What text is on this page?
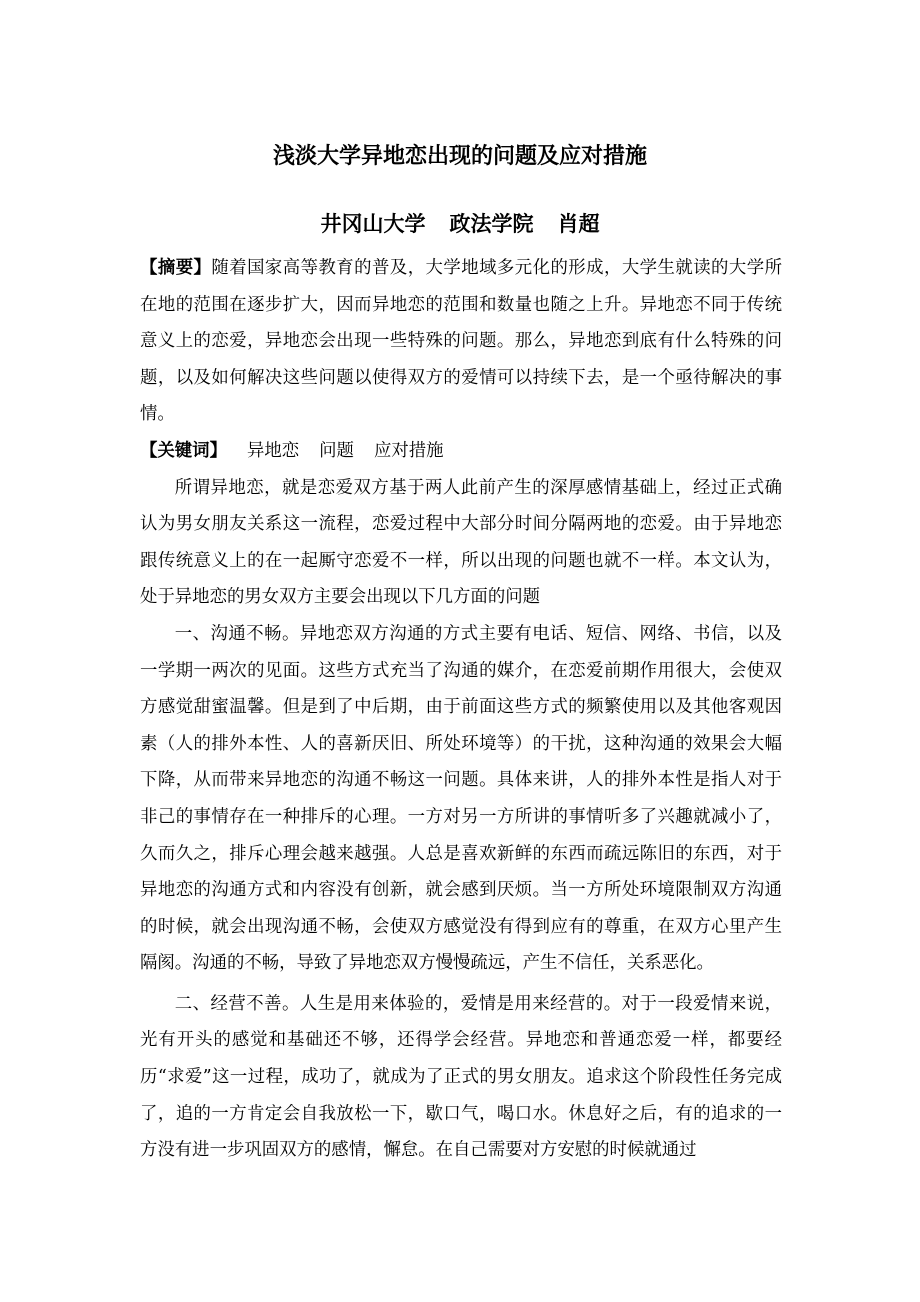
浅淡大学异地恋出现的问题及应对措施
井冈山大学 政法学院 肖超

【摘要】随着国家高等教育的普及，大学地域多元化的形成，大学生就读的大学所在地的范围在逐步扩大，因而异地恋的范围和数量也随之上升。异地恋不同于传统意义上的恋爱，异地恋会出现一些特殊的问题。那么，异地恋到底有什么特殊的问题，以及如何解决这些问题以使得双方的爱情可以持续下去，是一个亟待解决的事情。

【关键词】 异地恋 问题 应对措施

所谓异地恋，就是恋爱双方基于两人此前产生的深厚感情基础上，经过正式确认为男女朋友关系这一流程，恋爱过程中大部分时间分隔两地的恋爱。由于异地恋跟传统意义上的在一起厮守恋爱不一样，所以出现的问题也就不一样。本文认为，处于异地恋的男女双方主要会出现以下几方面的问题

一、沟通不畅。异地恋双方沟通的方式主要有电话、短信、网络、书信，以及一学期一两次的见面。这些方式充当了沟通的媒介，在恋爱前期作用很大，会使双方感觉甜蜜温馨。但是到了中后期，由于前面这些方式的频繁使用以及其他客观因素（人的排外本性、人的喜新厌旧、所处环境等）的干扰，这种沟通的效果会大幅下降，从而带来异地恋的沟通不畅这一问题。具体来讲，人的排外本性是指人对于非己的事情存在一种排斥的心理。一方对另一方所讲的事情听多了兴趣就减小了，久而久之，排斥心理会越来越强。人总是喜欢新鲜的东西而疏远陈旧的东西，对于异地恋的沟通方式和内容没有创新，就会感到厌烦。当一方所处环境限制双方沟通的时候，就会出现沟通不畅，会使双方感觉没有得到应有的尊重，在双方心里产生隔阂。沟通的不畅，导致了异地恋双方慢慢疏远，产生不信任，关系恶化。

二、经营不善。人生是用来体验的，爱情是用来经营的。对于一段爱情来说，光有开头的感觉和基础还不够，还得学会经营。异地恋和普通恋爱一样，都要经历“求爱”这一过程，成功了，就成为了正式的男女朋友。追求这个阶段性任务完成了，追的一方肯定会自我放松一下，歇口气，喝口水。休息好之后，有的追求的一方没有进一步巩固双方的感情，懈怠。在自己需要对方安慰的时候就通过
